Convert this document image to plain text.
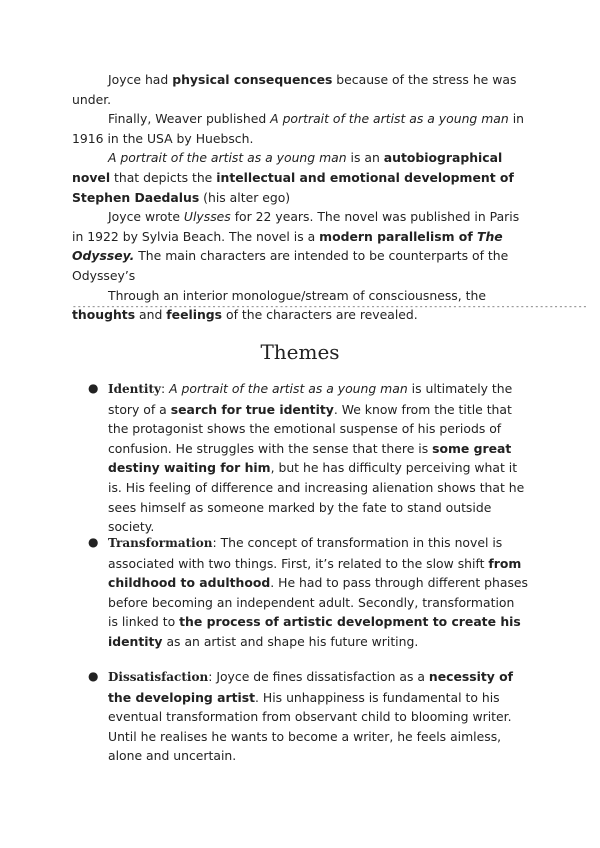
Joyce had physical consequences because of the stress he was under.

Finally, Weaver published A portrait of the artist as a young man in 1916 in the USA by Huebsch.

A portrait of the artist as a young man is an autobiographical novel that depicts the intellectual and emotional development of Stephen Daedalus (his alter ego)

Joyce wrote Ulysses for 22 years. The novel was published in Paris in 1922 by Sylvia Beach. The novel is a modern parallelism of The Odyssey. The main characters are intended to be counterparts of the Odyssey’s

Through an interior monologue/stream of consciousness, the thoughts and feelings of the characters are revealed.

-----------------------------------------------------------------------------------------------------------
Themes
● Identity: A portrait of the artist as a young man is ultimately the story of a search for true identity. We know from the title that the protagonist shows the emotional suspense of his periods of confusion. He struggles with the sense that there is some great destiny waiting for him, but he has difficulty perceiving what it is. His feeling of difference and increasing alienation shows that he sees himself as someone marked by the fate to stand outside society.
● Transformation: The concept of transformation in this novel is associated with two things. First, it’s related to the slow shift from childhood to adulthood. He had to pass through different phases before becoming an independent adult. Secondly, transformation is linked to the process of artistic development to create his identity as an artist and shape his future writing.
● Dissatisfaction: Joyce de fines dissatisfaction as a necessity of the developing artist. His unhappiness is fundamental to his eventual transformation from observant child to blooming writer. Until he realises he wants to become a writer, he feels aimless, alone and uncertain.
